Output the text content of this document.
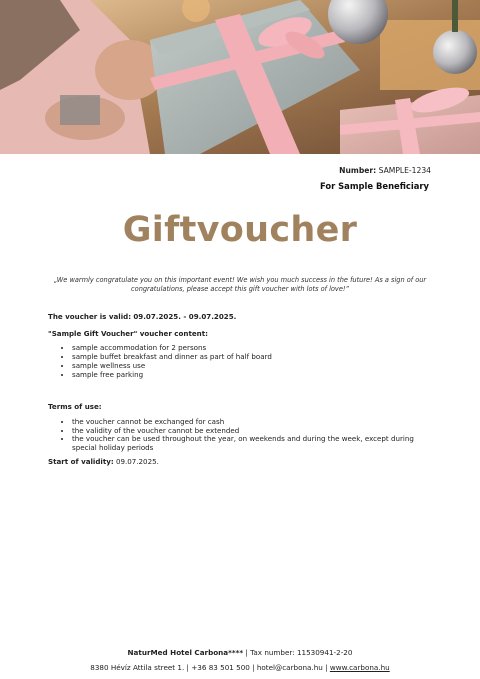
Number: SAMPLE-1234
For Sample Beneficiary
Giftvoucher
„We warmly congratulate you on this important event! We wish you much success in the future! As a sign of our congratulations, please accept this gift voucher with lots of love!”

The voucher is valid: 09.07.2025. - 09.07.2025.

"Sample Gift Voucher" voucher content:

• sample accommodation for 2 persons
• sample buffet breakfast and dinner as part of half board
• sample wellness use
• sample free parking

Terms of use:

• the voucher cannot be exchanged for cash
• the validity of the voucher cannot be extended
• the voucher can be used throughout the year, on weekends and during the week, except during special holiday periods

Start of validity: 09.07.2025.

NaturMed Hotel Carbona**** | Tax number: 11530941-2-20
8380 Hévíz Attila street 1. | +36 83 501 500 | hotel@carbona.hu | www.carbona.hu
